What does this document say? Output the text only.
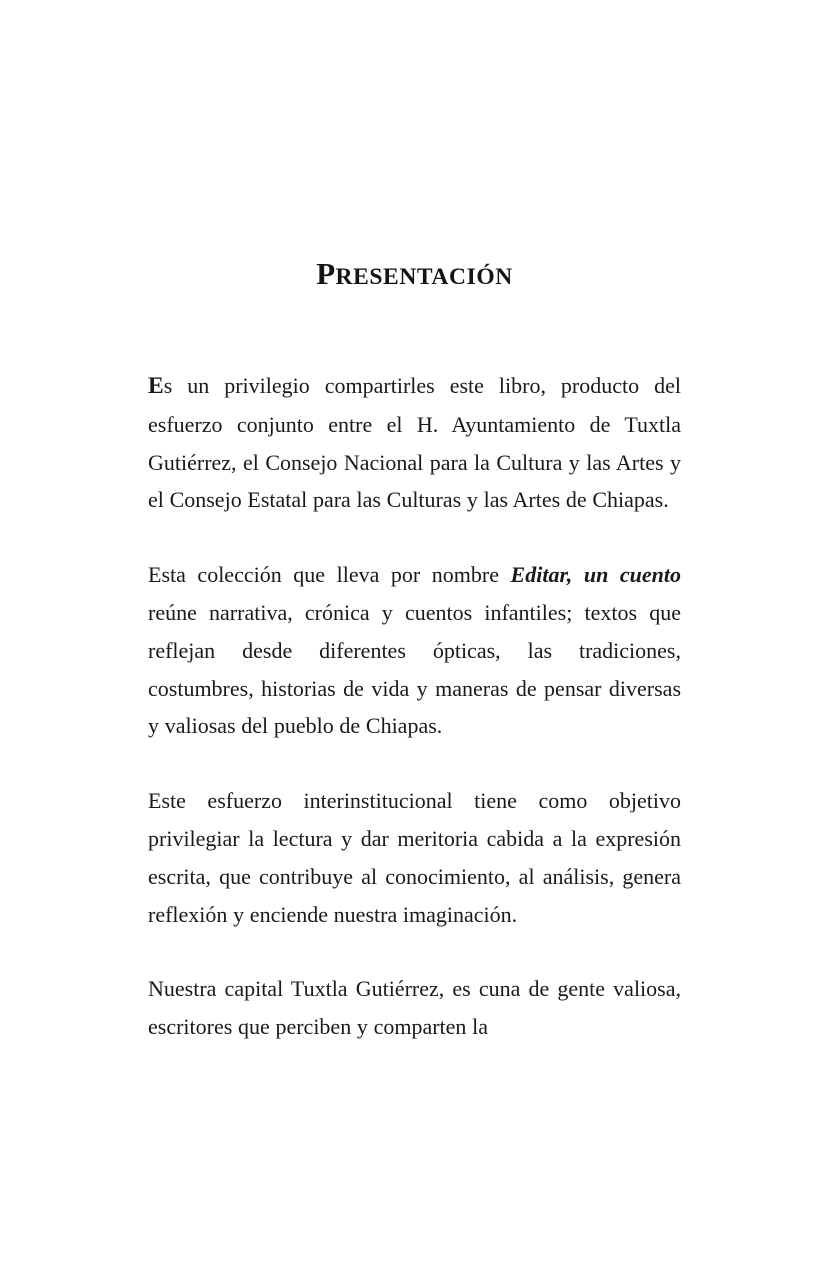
PRESENTACIÓN

Es un privilegio compartirles este libro, producto del esfuerzo conjunto entre el H. Ayuntamiento de Tuxtla Gutiérrez, el Consejo Nacional para la Cultura y las Artes y el Consejo Estatal para las Culturas y las Artes de Chiapas.

Esta colección que lleva por nombre Editar, un cuento reúne narrativa, crónica y cuentos infantiles; textos que reflejan desde diferentes ópticas, las tradiciones, costumbres, historias de vida y maneras de pensar diversas y valiosas del pueblo de Chiapas.

Este esfuerzo interinstitucional tiene como objetivo privilegiar la lectura y dar meritoria cabida a la expresión escrita, que contribuye al conocimiento, al análisis, genera reflexión y enciende nuestra imaginación.

Nuestra capital Tuxtla Gutiérrez, es cuna de gente valiosa, escritores que perciben y comparten la
